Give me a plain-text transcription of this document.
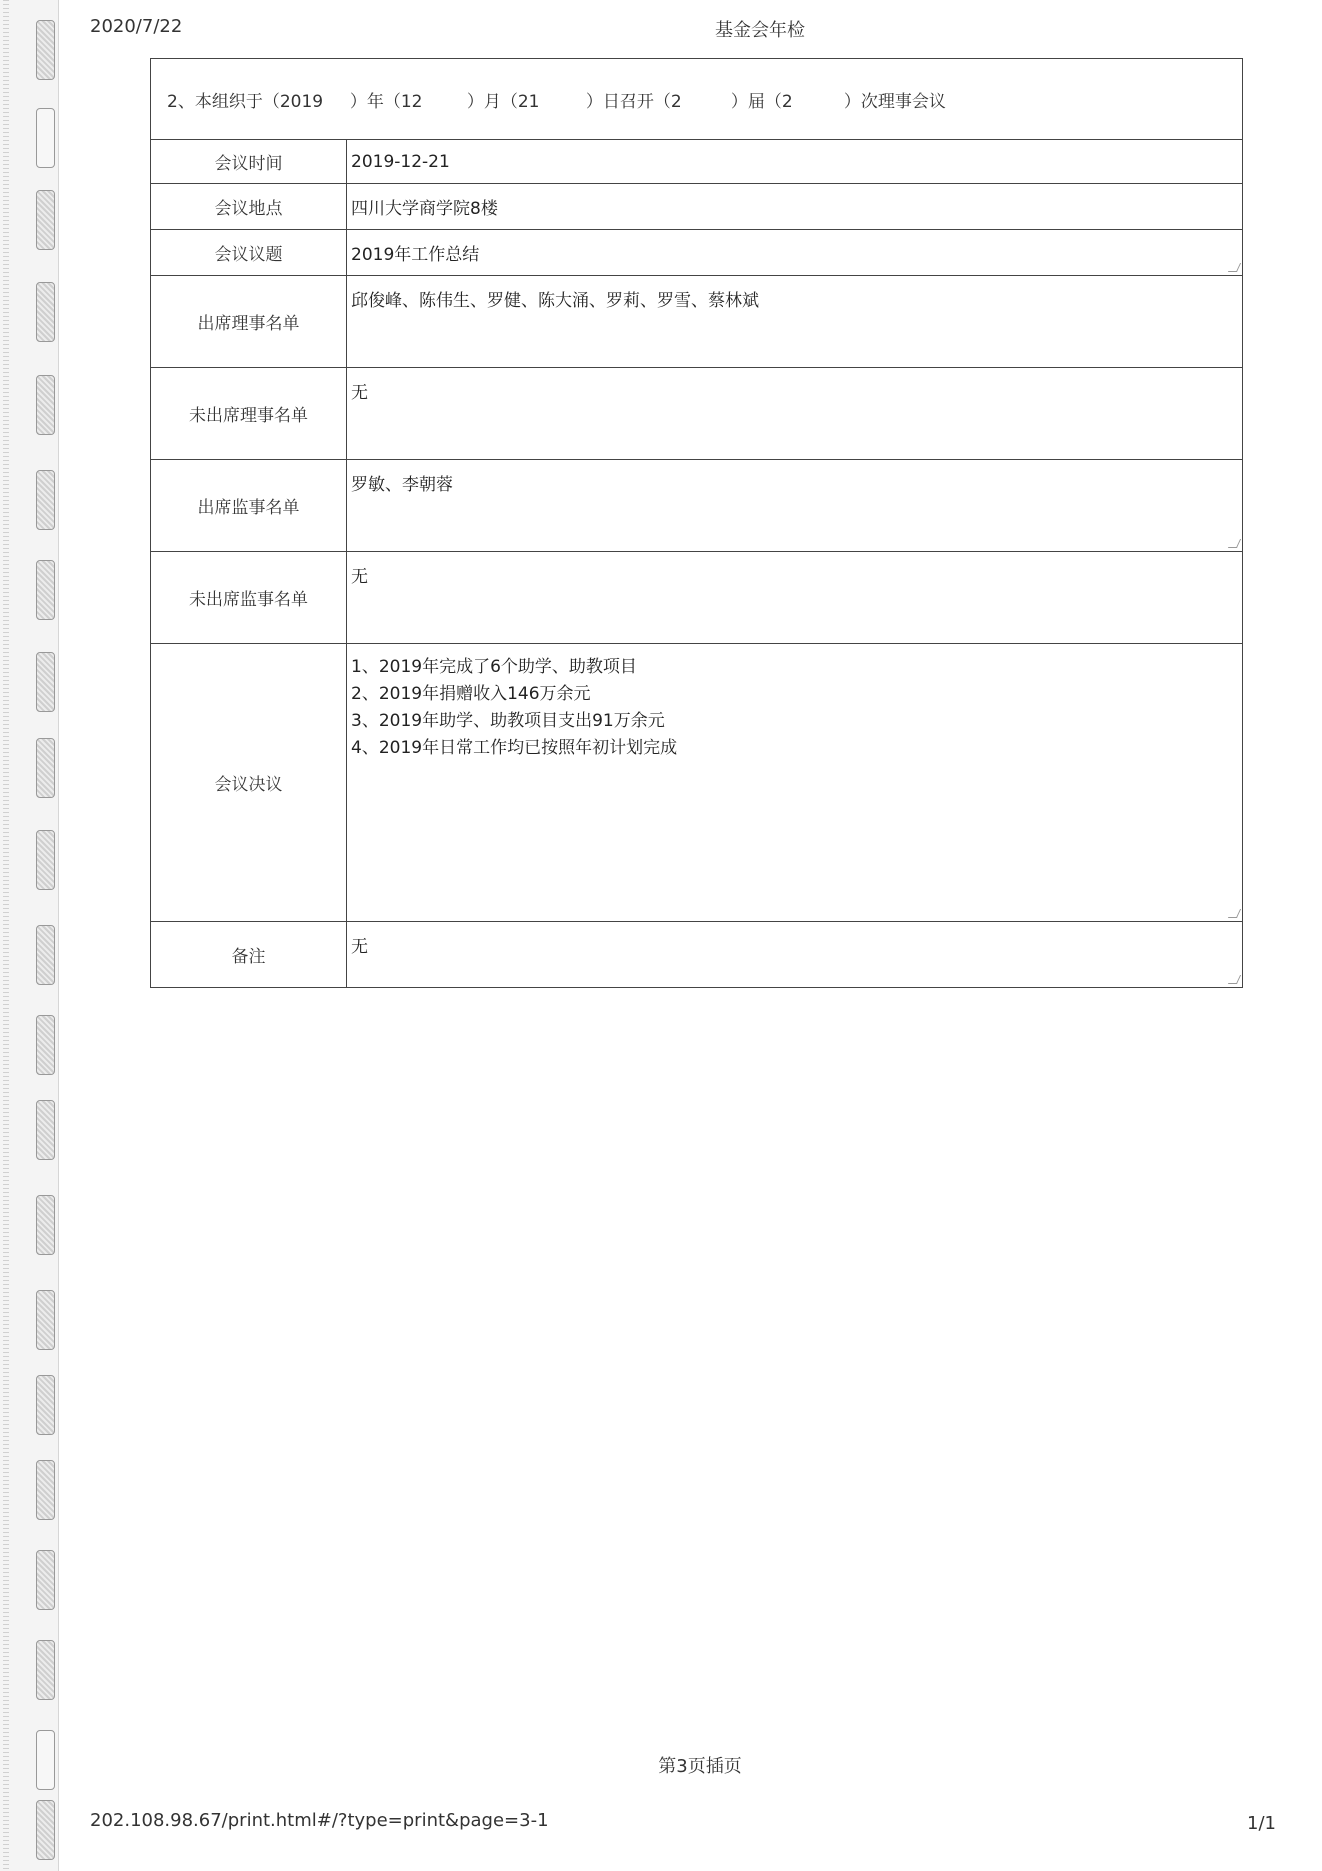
2020/7/22	基金会年检
2、本组织于（2019 ）年（12 ）月（21 ）日召开（2 ）届（2 ）次理事会议	
会议时间	2019-12-21
会议地点	四川大学商学院8楼
会议议题	2019年工作总结

出席理事名单	邱俊峰、陈伟生、罗健、陈大涌、罗莉、罗雪、蔡林斌
未出席理事名单	无
出席监事名单	罗敏、李朝蓉

未出席监事名单	无
会议决议	1、2019年完成了6个助学、助教项目
2、2019年捐赠收入146万余元
3、2019年助学、助教项目支出91万余元
4、2019年日常工作均已按照年初计划完成

备注	无
第3页插页
202.108.98.67/print.html#/?type=print&page=3-1	1/1
